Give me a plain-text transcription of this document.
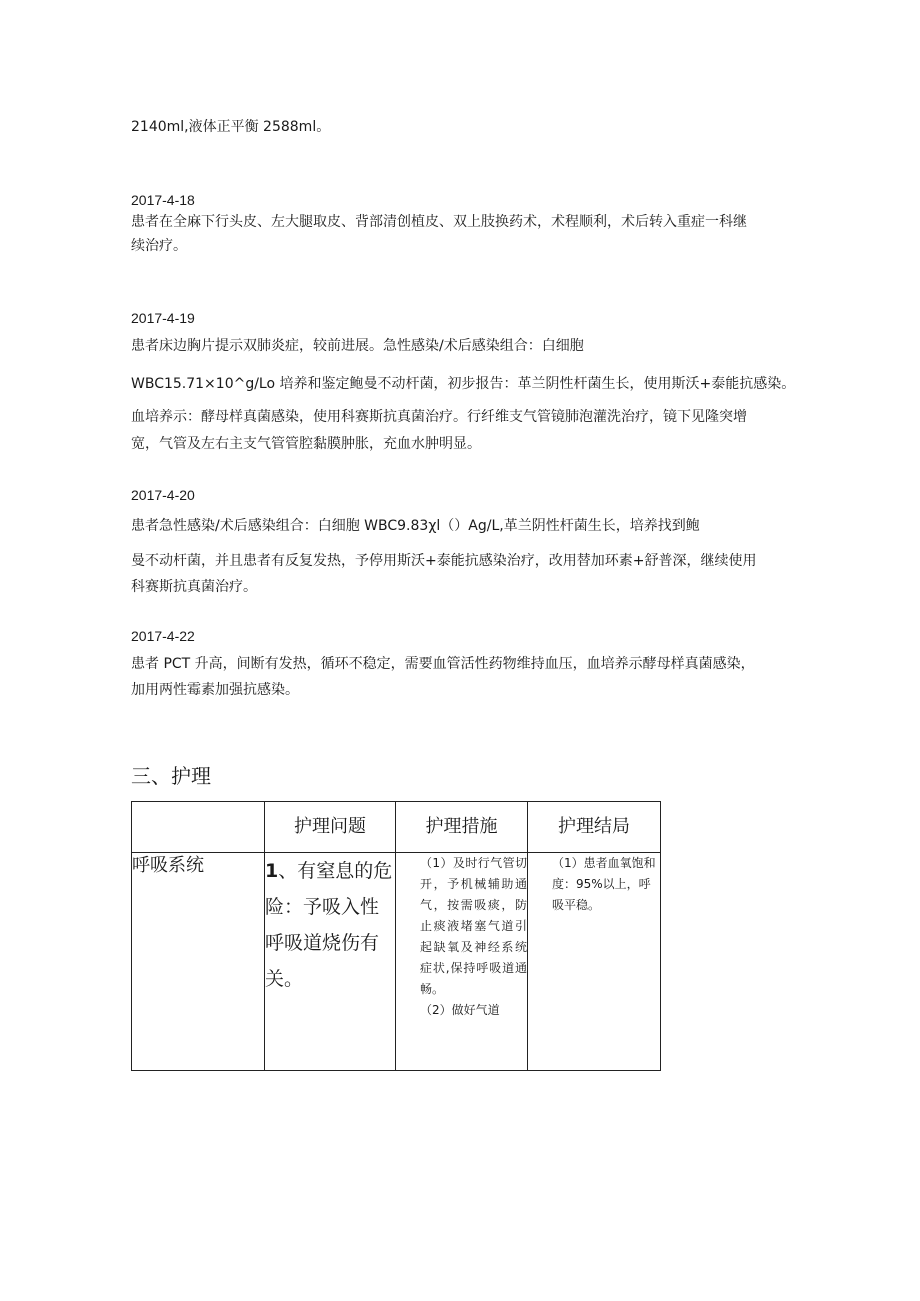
2140ml,液体正平衡 2588ml。
2017-4-18
患者在全麻下行头皮、左大腿取皮、背部清创植皮、双上肢换药术，术程顺利，术后转入重症一科继
续治疗。
2017-4-19
患者床边胸片提示双肺炎症，较前进展。急性感染/术后感染组合：白细胞
WBC15.71×10^g/Lo 培养和鉴定鲍曼不动杆菌，初步报告：革兰阴性杆菌生长，使用斯沃+泰能抗感染。
血培养示：酵母样真菌感染，使用科赛斯抗真菌治疗。行纤维支气管镜肺泡灌洗治疗，镜下见隆突增
宽，气管及左右主支气管管腔黏膜肿胀，充血水肿明显。
2017-4-20
患者急性感染/术后感染组合：白细胞 WBC9.83χl（）Ag/L,革兰阴性杆菌生长，培养找到鲍
曼不动杆菌，并且患者有反复发热，予停用斯沃+泰能抗感染治疗，改用替加环素+舒普深，继续使用
科赛斯抗真菌治疗。
2017-4-22
患者 PCT 升高，间断有发热，循环不稳定，需要血管活性药物维持血压，血培养示酵母样真菌感染，
加用两性霉素加强抗感染。
三、护理
	护理问题	护理措施	护理结局
呼吸系统	1、有窒息的危险：予吸入性呼吸道烧伤有关。	（1）及时行气管切开，予机械辅助通气，按需吸痰，防止痰液堵塞气道引起缺氧及神经系统症状,保持呼吸道通畅。
（2）做好气道	（1）患者血氧饱和度：95%以上，呼吸平稳。
